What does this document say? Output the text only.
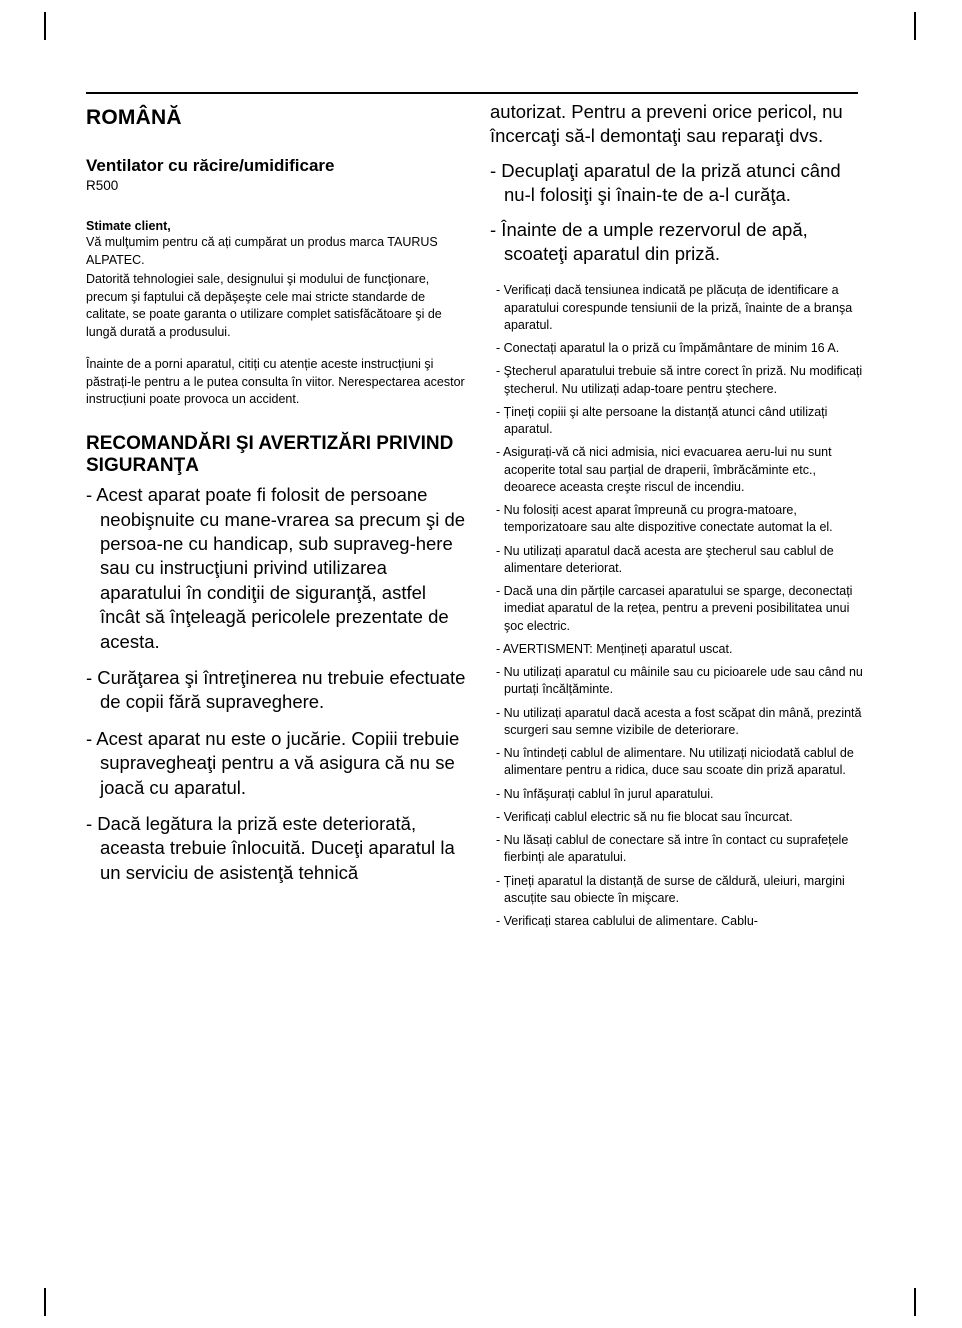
ROMÂNĂ
Ventilator cu răcire/umidificare

R500

Stimate client,

Vă mulţumim pentru că ați cumpărat un produs marca TAURUS ALPATEC.

Datorită tehnologiei sale, designului şi modului de funcţionare, precum şi faptului că depăşeşte cele mai stricte standarde de calitate, se poate garanta o utilizare complet satisfăcătoare şi de lungă durată a produsului.

Înainte de a porni aparatul, citiți cu atenție aceste instrucțiuni şi păstrați-le pentru a le putea consulta în viitor. Nerespectarea acestor instrucțiuni poate provoca un accident.

RECOMANDĂRI ŞI AVERTIZĂRI PRIVIND SIGURANŢA
- Acest aparat poate fi folosit de persoane neobişnuite cu mane-vrarea sa precum şi de persoa-ne cu handicap, sub supraveg-here sau cu instrucţiuni privind utilizarea aparatului în condiţii de siguranţă, astfel încât să înţeleagă pericolele prezentate de acesta.
- Curăţarea şi întreţinerea nu trebuie efectuate de copii fără supraveghere.
- Acest aparat nu este o jucărie. Copiii trebuie supravegheaţi pentru a vă asigura că nu se joacă cu aparatul.
- Dacă legătura la priză este deteriorată, aceasta trebuie înlocuită. Duceţi aparatul la un serviciu de asistenţă tehnică
autorizat. Pentru a preveni orice pericol, nu încercaţi să-l demontaţi sau reparaţi dvs.
- Decuplaţi aparatul de la priză atunci când nu-l folosiţi şi înain-te de a-l curăţa.
- Înainte de a umple rezervorul de apă, scoateţi aparatul din priză.
- Verificați dacă tensiunea indicată pe plăcuța de identificare a aparatului corespunde tensiunii de la priză, înainte de a branşa aparatul.
- Conectați aparatul la o priză cu împământare de minim 16 A.
- Ştecherul aparatului trebuie să intre corect în priză. Nu modificați ştecherul. Nu utilizați adap-toare pentru ştechere.
- Țineți copiii şi alte persoane la distanță atunci când utilizați aparatul.
- Asigurați-vă că nici admisia, nici evacuarea aeru-lui nu sunt acoperite total sau parțial de draperii, îmbrăcăminte etc., deoarece aceasta creşte riscul de incendiu.
- Nu folosiți acest aparat împreună cu progra-matoare, temporizatoare sau alte dispozitive conectate automat la el.
- Nu utilizați aparatul dacă acesta are ştecherul sau cablul de alimentare deteriorat.
- Dacă una din părțile carcasei aparatului se sparge, deconectați imediat aparatul de la rețea, pentru a preveni posibilitatea unui şoc electric.
- AVERTISMENT: Mențineți aparatul uscat.
- Nu utilizați aparatul cu mâinile sau cu picioarele ude sau când nu purtați încălțăminte.
- Nu utilizați aparatul dacă acesta a fost scăpat din mână, prezintă scurgeri sau semne vizibile de deteriorare.
- Nu întindeți cablul de alimentare. Nu utilizați niciodată cablul de alimentare pentru a ridica, duce sau scoate din priză aparatul.
- Nu înfăşurați cablul în jurul aparatului.
- Verificați cablul electric să nu fie blocat sau încurcat.
- Nu lăsați cablul de conectare să intre în contact cu suprafețele fierbinți ale aparatului.
- Țineți aparatul la distanță de surse de căldură, uleiuri, margini ascuțite sau obiecte în mişcare.
- Verificați starea cablului de alimentare. Cablu-
